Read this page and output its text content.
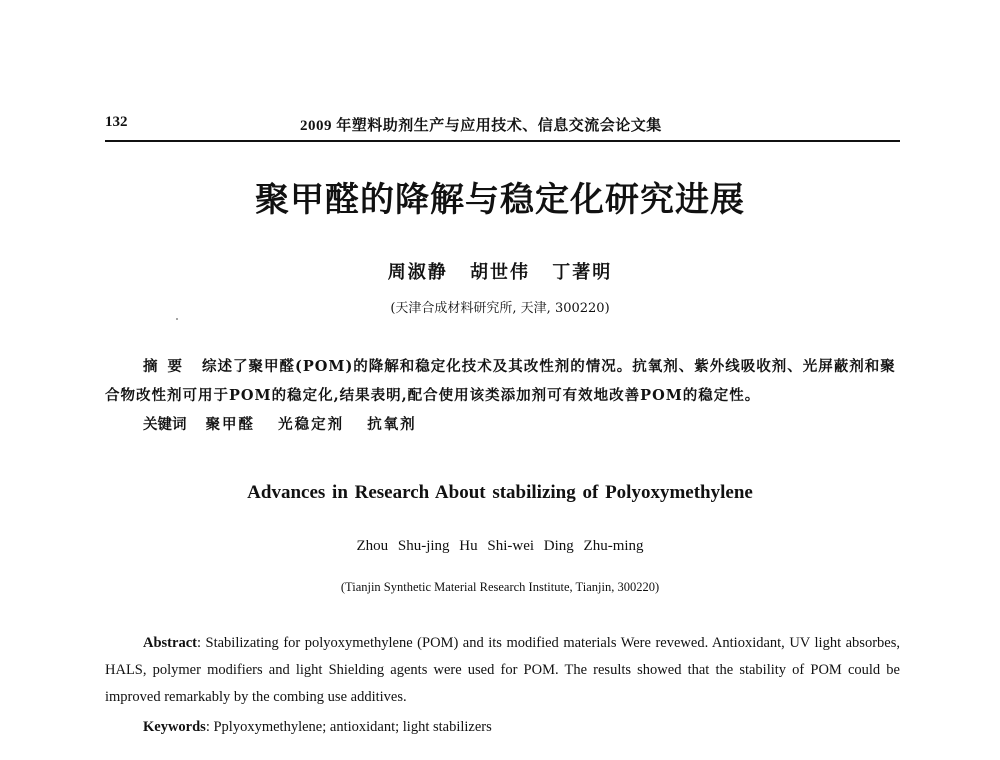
132	2009 年塑料助剂生产与应用技术、信息交流会论文集
聚甲醛的降解与稳定化研究进展
周淑静 胡世伟 丁著明
(天津合成材料研究所, 天津, 300220)
摘要 综述了聚甲醛(POM)的降解和稳定化技术及其改性剂的情况。抗氧剂、紫外线吸收剂、光屏蔽剂和聚合物改性剂可用于POM的稳定化,结果表明,配合使用该类添加剂可有效地改善POM的稳定性。
关键词 聚甲醛 光稳定剂 抗氧剂
Advances in Research About stabilizing of Polyoxymethylene
Zhou Shu-jing Hu Shi-wei Ding Zhu-ming
(Tianjin Synthetic Material Research Institute, Tianjin, 300220)
Abstract: Stabilizating for polyoxymethylene (POM) and its modified materials Were revewed. Antioxidant, UV light absorbes, HALS, polymer modifiers and light Shielding agents were used for POM. The results showed that the stability of POM could be improved remarkably by the combing use additives.
Keywords: Pplyoxymethylene; antioxidant; light stabilizers
